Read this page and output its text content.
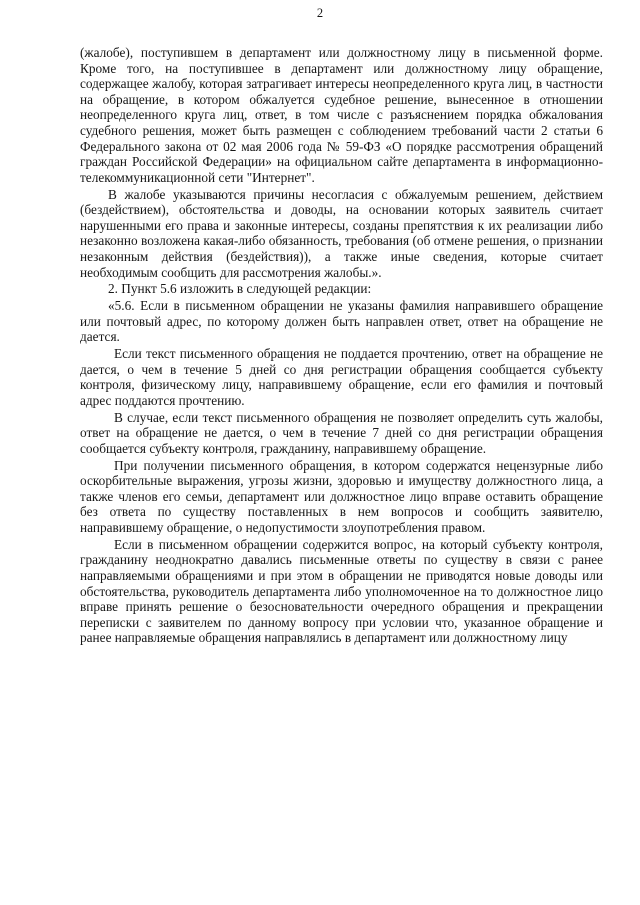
2

(жалобе), поступившем в департамент или должностному лицу в письменной форме. Кроме того, на поступившее в департамент или должностному лицу обращение, содержащее жалобу, которая затрагивает интересы неопределенного круга лиц, в частности на обращение, в котором обжалуется судебное решение, вынесенное в отношении неопределенного круга лиц, ответ, в том числе с разъяснением порядка обжалования судебного решения, может быть размещен с соблюдением требований части 2 статьи 6 Федерального закона от 02 мая 2006 года № 59-ФЗ «О порядке рассмотрения обращений граждан Российской Федерации» на официальном сайте департамента в информационно-телекоммуникационной сети "Интернет".

В жалобе указываются причины несогласия с обжалуемым решением, действием (бездействием), обстоятельства и доводы, на основании которых заявитель считает нарушенными его права и законные интересы, созданы препятствия к их реализации либо незаконно возложена какая-либо обязанность, требования (об отмене решения, о признании незаконным действия (бездействия)), а также иные сведения, которые считает необходимым сообщить для рассмотрения жалобы.».

2. Пункт 5.6 изложить в следующей редакции:

«5.6. Если в письменном обращении не указаны фамилия направившего обращение или почтовый адрес, по которому должен быть направлен ответ, ответ на обращение не дается.

Если текст письменного обращения не поддается прочтению, ответ на обращение не дается, о чем в течение 5 дней со дня регистрации обращения сообщается субъекту контроля, физическому лицу, направившему обращение, если его фамилия и почтовый адрес поддаются прочтению.

В случае, если текст письменного обращения не позволяет определить суть жалобы, ответ на обращение не дается, о чем в течение 7 дней со дня регистрации обращения сообщается субъекту контроля, гражданину, направившему обращение.

При получении письменного обращения, в котором содержатся нецензурные либо оскорбительные выражения, угрозы жизни, здоровью и имуществу должностного лица, а также членов его семьи, департамент или должностное лицо вправе оставить обращение без ответа по существу поставленных в нем вопросов и сообщить заявителю, направившему обращение, о недопустимости злоупотребления правом.

Если в письменном обращении содержится вопрос, на который субъекту контроля, гражданину неоднократно давались письменные ответы по существу в связи с ранее направляемыми обращениями и при этом в обращении не приводятся новые доводы или обстоятельства, руководитель департамента либо уполномоченное на то должностное лицо вправе принять решение о безосновательности очередного обращения и прекращении переписки с заявителем по данному вопросу при условии что, указанное обращение и ранее направляемые обращения направлялись в департамент или должностному лицу
